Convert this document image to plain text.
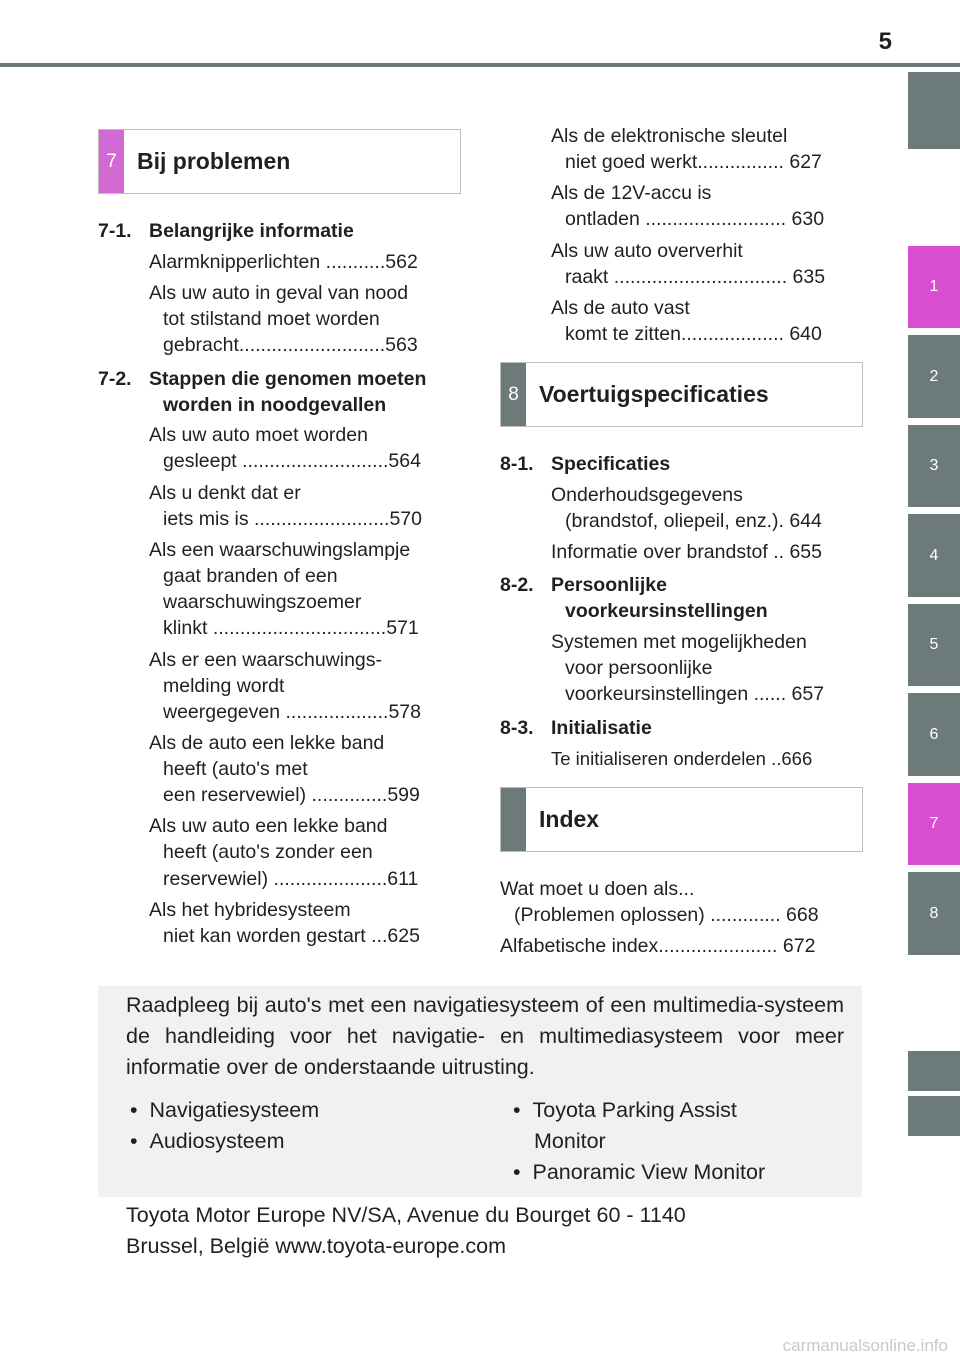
5
1
2
3
4
5
6
7
8
7 Bij problemen
7-1. Belangrijke informatie
Alarmknipperlichten ...........562
Als uw auto in geval van nood
tot stilstand moet worden
gebracht...........................563
7-2. Stappen die genomen moeten
worden in noodgevallen
Als uw auto moet worden
gesleept ...........................564
Als u denkt dat er
iets mis is .........................570
Als een waarschuwingslampje
gaat branden of een
waarschuwingszoemer
klinkt ................................571
Als er een waarschuwings-
melding wordt
weergegeven ...................578
Als de auto een lekke band
heeft (auto's met
een reservewiel) ..............599
Als uw auto een lekke band
heeft (auto's zonder een
reservewiel) .....................611
Als het hybridesysteem
niet kan worden gestart ...625
Als de elektronische sleutel
niet goed werkt................ 627
Als de 12V-accu is
ontladen .......................... 630
Als uw auto oververhit
raakt ................................ 635
Als de auto vast
komt te zitten................... 640
8 Voertuigspecificaties
8-1. Specificaties
Onderhoudsgegevens
(brandstof, oliepeil, enz.). 644
Informatie over brandstof .. 655
8-2. Persoonlijke
voorkeursinstellingen
Systemen met mogelijkheden
voor persoonlijke
voorkeursinstellingen ...... 657
8-3. Initialisatie
Te initialiseren onderdelen ..666
Index
Wat moet u doen als...
(Problemen oplossen) ............. 668
Alfabetische index...................... 672
Raadpleeg bij auto's met een navigatiesysteem of een multimedia-systeem de handleiding voor het navigatie- en multimediasysteem voor meer informatie over de onderstaande uitrusting.
•  Navigatiesysteem
•  Audiosysteem
•  Toyota Parking Assist
Monitor
•  Panoramic View Monitor
Toyota Motor Europe NV/SA, Avenue du Bourget 60 - 1140
Brussel, België www.toyota-europe.com
carmanualsonline.info
